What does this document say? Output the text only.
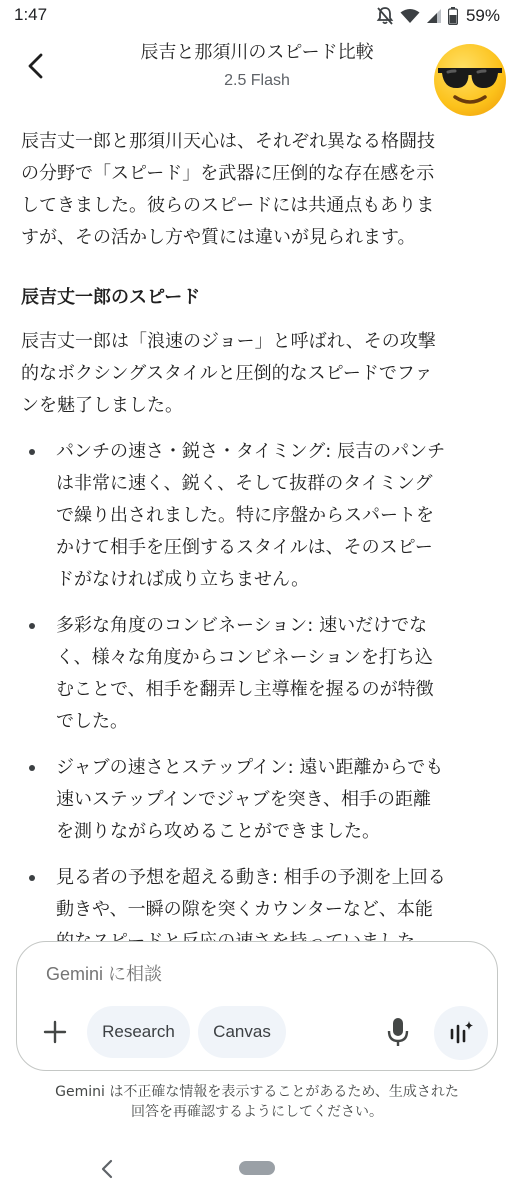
1:47	59%
辰吉と那須川のスピード比較
2.5 Flash
辰吉丈一郎と那須川天心は、それぞれ異なる格闘技
の分野で「スピード」を武器に圧倒的な存在感を示
してきました。彼らのスピードには共通点もありま
すが、その活かし方や質には違いが見られます。
辰吉丈一郎のスピード
辰吉丈一郎は「浪速のジョー」と呼ばれ、その攻撃
的なボクシングスタイルと圧倒的なスピードでファ
ンを魅了しました。
パンチの速さ・鋭さ・タイミング: 辰吉のパンチ
は非常に速く、鋭く、そして抜群のタイミング
で繰り出されました。特に序盤からスパートを
かけて相手を圧倒するスタイルは、そのスピー
ドがなければ成り立ちません。
多彩な角度のコンビネーション: 速いだけでな
く、様々な角度からコンビネーションを打ち込
むことで、相手を翻弄し主導権を握るのが特徴
でした。
ジャブの速さとステップイン: 遠い距離からでも
速いステップインでジャブを突き、相手の距離
を測りながら攻めることができました。
見る者の予想を超える動き: 相手の予測を上回る
動きや、一瞬の隙を突くカウンターなど、本能
Gemini に相談
Research	Canvas
Gemini は不正確な情報を表示することがあるため、生成された
回答を再確認するようにしてください。
